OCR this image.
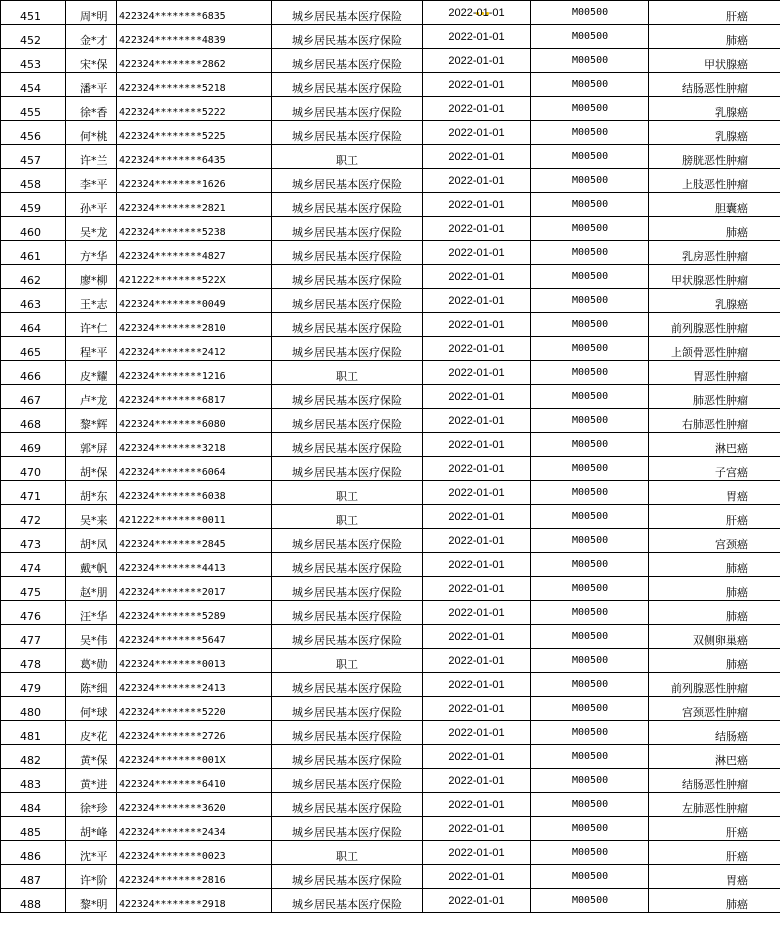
451	周*明	422324********6835	城乡居民基本医疗保险	2022-01-01	M00500	肝癌
452	金*才	422324********4839	城乡居民基本医疗保险	2022-01-01	M00500	肺癌
453	宋*保	422324********2862	城乡居民基本医疗保险	2022-01-01	M00500	甲状腺癌
454	潘*平	422324********5218	城乡居民基本医疗保险	2022-01-01	M00500	结肠恶性肿瘤
455	徐*香	422324********5222	城乡居民基本医疗保险	2022-01-01	M00500	乳腺癌
456	何*桃	422324********5225	城乡居民基本医疗保险	2022-01-01	M00500	乳腺癌
457	许*兰	422324********6435	职工	2022-01-01	M00500	膀胱恶性肿瘤
458	李*平	422324********1626	城乡居民基本医疗保险	2022-01-01	M00500	上肢恶性肿瘤
459	孙*平	422324********2821	城乡居民基本医疗保险	2022-01-01	M00500	胆囊癌
460	吴*龙	422324********5238	城乡居民基本医疗保险	2022-01-01	M00500	肺癌
461	方*华	422324********4827	城乡居民基本医疗保险	2022-01-01	M00500	乳房恶性肿瘤
462	廖*柳	421222********522X	城乡居民基本医疗保险	2022-01-01	M00500	甲状腺恶性肿瘤
463	王*志	422324********0049	城乡居民基本医疗保险	2022-01-01	M00500	乳腺癌
464	许*仁	422324********2810	城乡居民基本医疗保险	2022-01-01	M00500	前列腺恶性肿瘤
465	程*平	422324********2412	城乡居民基本医疗保险	2022-01-01	M00500	上颌骨恶性肿瘤
466	皮*耀	422324********1216	职工	2022-01-01	M00500	胃恶性肿瘤
467	卢*龙	422324********6817	城乡居民基本医疗保险	2022-01-01	M00500	肺恶性肿瘤
468	黎*辉	422324********6080	城乡居民基本医疗保险	2022-01-01	M00500	右肺恶性肿瘤
469	郭*屏	422324********3218	城乡居民基本医疗保险	2022-01-01	M00500	淋巴癌
470	胡*保	422324********6064	城乡居民基本医疗保险	2022-01-01	M00500	子宫癌
471	胡*东	422324********6038	职工	2022-01-01	M00500	胃癌
472	吴*来	421222********0011	职工	2022-01-01	M00500	肝癌
473	胡*凤	422324********2845	城乡居民基本医疗保险	2022-01-01	M00500	宫颈癌
474	戴*帆	422324********4413	城乡居民基本医疗保险	2022-01-01	M00500	肺癌
475	赵*朋	422324********2017	城乡居民基本医疗保险	2022-01-01	M00500	肺癌
476	汪*华	422324********5289	城乡居民基本医疗保险	2022-01-01	M00500	肺癌
477	吴*伟	422324********5647	城乡居民基本医疗保险	2022-01-01	M00500	双侧卵巢癌
478	葛*勋	422324********0013	职工	2022-01-01	M00500	肺癌
479	陈*细	422324********2413	城乡居民基本医疗保险	2022-01-01	M00500	前列腺恶性肿瘤
480	何*球	422324********5220	城乡居民基本医疗保险	2022-01-01	M00500	宫颈恶性肿瘤
481	皮*花	422324********2726	城乡居民基本医疗保险	2022-01-01	M00500	结肠癌
482	黄*保	422324********001X	城乡居民基本医疗保险	2022-01-01	M00500	淋巴癌
483	黄*进	422324********6410	城乡居民基本医疗保险	2022-01-01	M00500	结肠恶性肿瘤
484	徐*珍	422324********3620	城乡居民基本医疗保险	2022-01-01	M00500	左肺恶性肿瘤
485	胡*峰	422324********2434	城乡居民基本医疗保险	2022-01-01	M00500	肝癌
486	沈*平	422324********0023	职工	2022-01-01	M00500	肝癌
487	许*阶	422324********2816	城乡居民基本医疗保险	2022-01-01	M00500	胃癌
488	黎*明	422324********2918	城乡居民基本医疗保险	2022-01-01	M00500	肺癌
